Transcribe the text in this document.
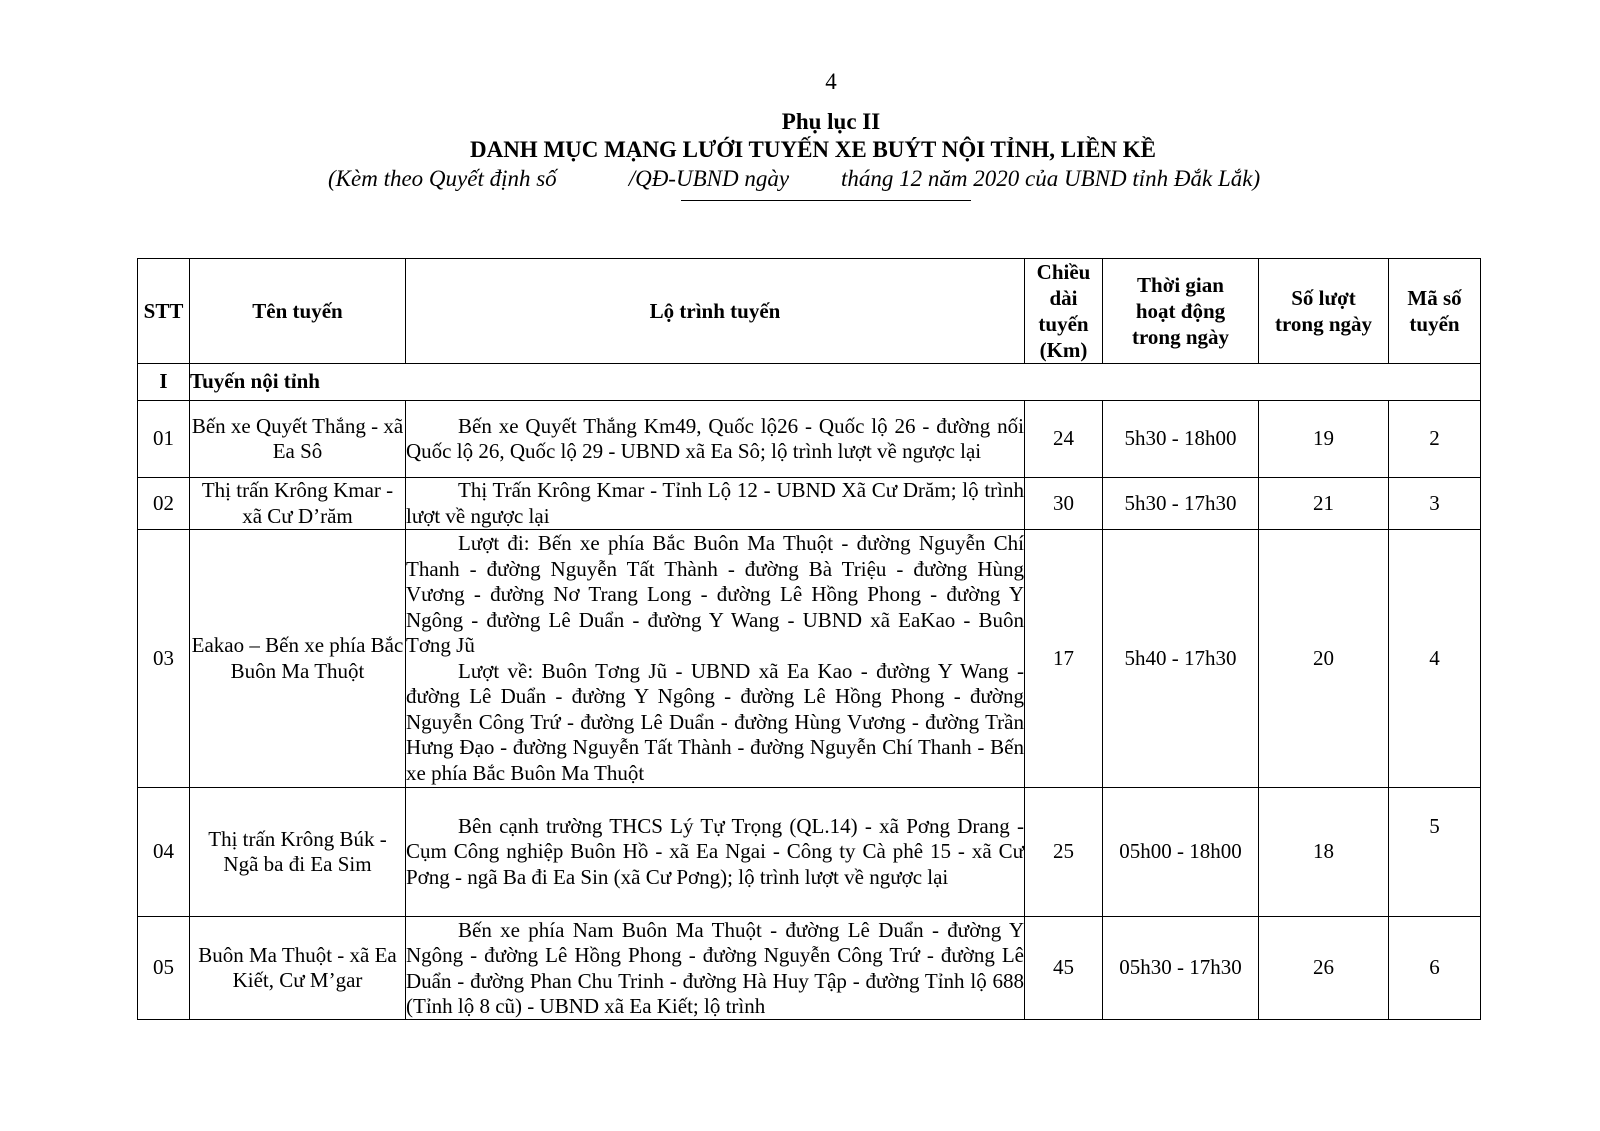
4
Phụ lục II
DANH MỤC MẠNG LƯỚI TUYẾN XE BUÝT NỘI TỈNH, LIỀN KỀ
(Kèm theo Quyết định số	/QĐ-UBND ngày tháng 12 năm 2020 của UBND tỉnh Đắk Lắk)
STT	Tên tuyến	Lộ trình tuyến	Chiều dài tuyến (Km)	Thời gian hoạt động trong ngày	Số lượt trong ngày	Mã số tuyến
I	Tuyến nội tỉnh					
01	Bến xe Quyết Thắng - xã Ea Sô	Bến xe Quyết Thắng Km49, Quốc lộ26 - Quốc lộ 26 - đường nối Quốc lộ 26, Quốc lộ 29 - UBND xã Ea Sô; lộ trình lượt về ngược lại	24	5h30 - 18h00	19	2
02	Thị trấn Krông Kmar - xã Cư D’răm	Thị Trấn Krông Kmar - Tỉnh Lộ 12 - UBND Xã Cư Drăm; lộ trình lượt về ngược lại	30	5h30 - 17h30	21	3
03	Eakao – Bến xe phía Bắc Buôn Ma Thuột	Lượt đi: Bến xe phía Bắc Buôn Ma Thuột - đường Nguyễn Chí Thanh - đường Nguyễn Tất Thành - đường Bà Triệu - đường Hùng Vương - đường Nơ Trang Long - đường Lê Hồng Phong - đường Y Ngông - đường Lê Duẩn - đường Y Wang - UBND xã EaKao - Buôn Tơng Jũ

Lượt về: Buôn Tơng Jũ - UBND xã Ea Kao - đường Y Wang - đường Lê Duẩn - đường Y Ngông - đường Lê Hồng Phong - đường Nguyễn Công Trứ - đường Lê Duẩn - đường Hùng Vương - đường Trần Hưng Đạo - đường Nguyễn Tất Thành - đường Nguyễn Chí Thanh - Bến xe phía Bắc Buôn Ma Thuột	17	5h40 - 17h30	20	4
04	Thị trấn Krông Búk - Ngã ba đi Ea Sim	Bên cạnh trường THCS Lý Tự Trọng (QL.14) - xã Pơng Drang - Cụm Công nghiệp Buôn Hồ - xã Ea Ngai - Công ty Cà phê 15 - xã Cư Pơng - ngã Ba đi Ea Sin (xã Cư Pơng); lộ trình lượt về ngược lại	25	05h00 - 18h00	18	5
05	Buôn Ma Thuột - xã Ea Kiết, Cư M’gar	Bến xe phía Nam Buôn Ma Thuột - đường Lê Duẩn - đường Y Ngông - đường Lê Hồng Phong - đường Nguyễn Công Trứ - đường Lê Duẩn - đường Phan Chu Trinh - đường Hà Huy Tập - đường Tỉnh lộ 688 (Tỉnh lộ 8 cũ) - UBND xã Ea Kiết; lộ trình	45	05h30 - 17h30	26	6
